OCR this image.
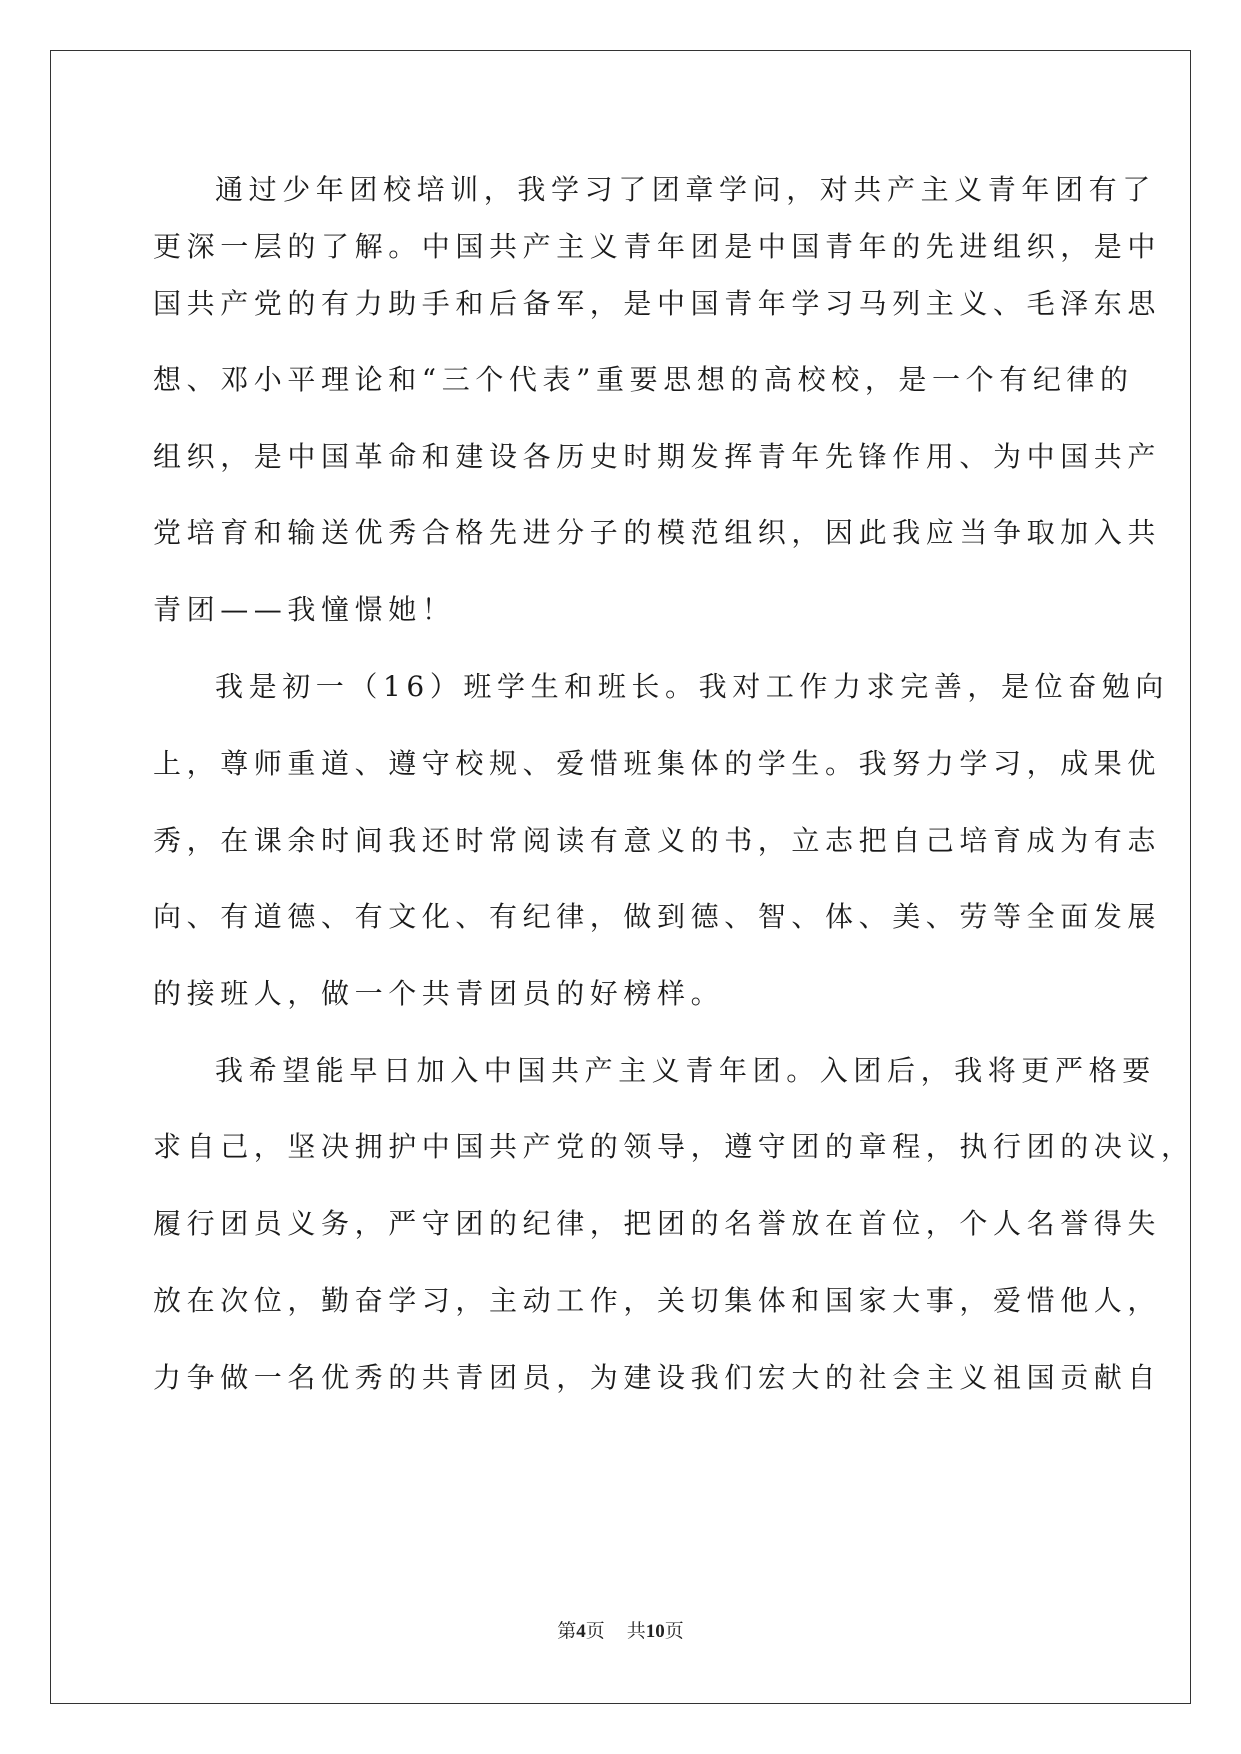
通过少年团校培训，我学习了团章学问，对共产主义青年团有了
更深一层的了解。中国共产主义青年团是中国青年的先进组织，是中
国共产党的有力助手和后备军，是中国青年学习马列主义、毛泽东思
想、邓小平理论和“三个代表”重要思想的高校校，是一个有纪律的
组织，是中国革命和建设各历史时期发挥青年先锋作用、为中国共产
党培育和输送优秀合格先进分子的模范组织，因此我应当争取加入共
青团——我憧憬她！
我是初一（16）班学生和班长。我对工作力求完善，是位奋勉向
上，尊师重道、遵守校规、爱惜班集体的学生。我努力学习，成果优
秀，在课余时间我还时常阅读有意义的书，立志把自己培育成为有志
向、有道德、有文化、有纪律，做到德、智、体、美、劳等全面发展
的接班人，做一个共青团员的好榜样。
我希望能早日加入中国共产主义青年团。入团后，我将更严格要
求自己，坚决拥护中国共产党的领导，遵守团的章程，执行团的决议，
履行团员义务，严守团的纪律，把团的名誉放在首位，个人名誉得失
放在次位，勤奋学习，主动工作，关切集体和国家大事，爱惜他人，
力争做一名优秀的共青团员，为建设我们宏大的社会主义祖国贡献自
第4页 共10页
